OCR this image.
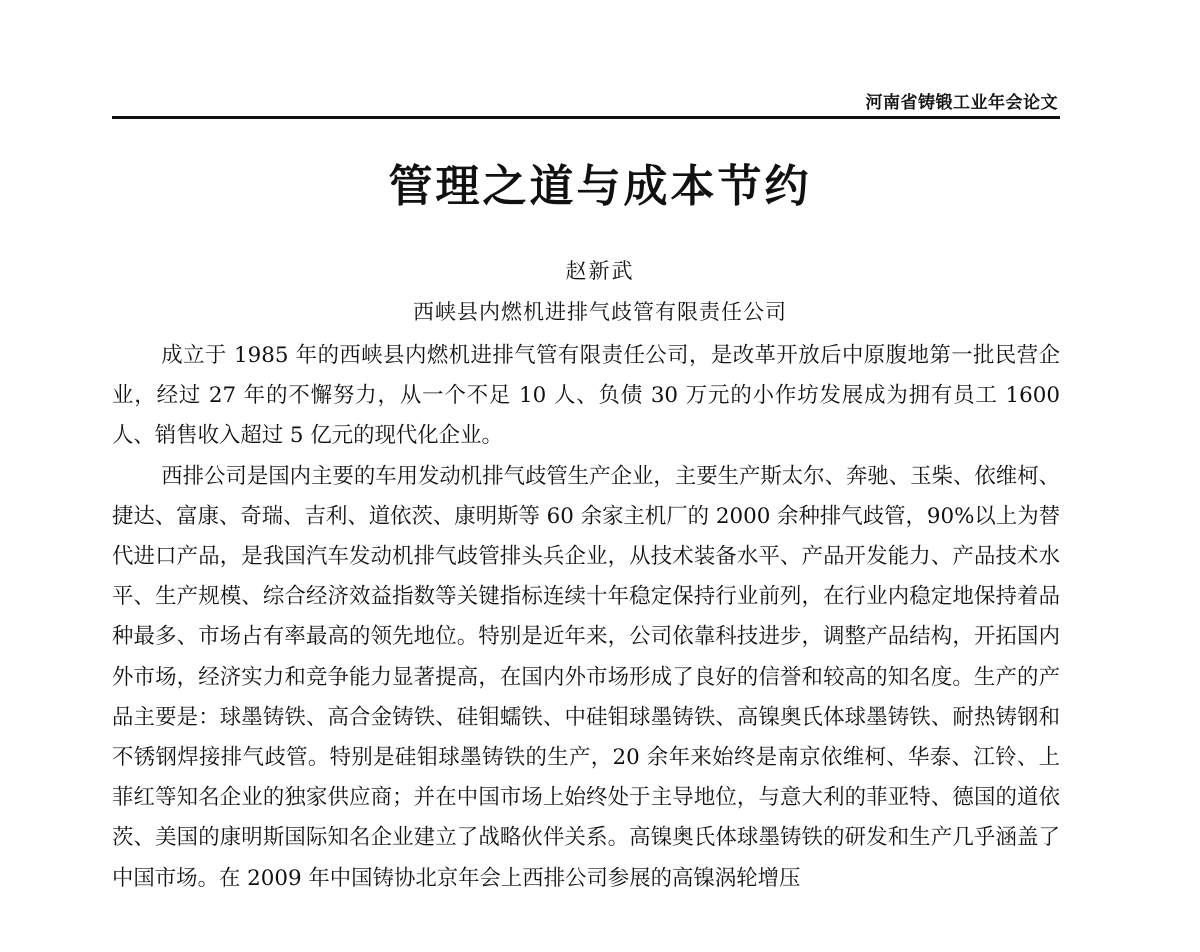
河南省铸锻工业年会论文
管理之道与成本节约
赵新武
西峡县内燃机进排气歧管有限责任公司

成立于 1985 年的西峡县内燃机进排气管有限责任公司，是改革开放后中原腹地第一批民营企业，经过 27 年的不懈努力，从一个不足 10 人、负债 30 万元的小作坊发展成为拥有员工 1600 人、销售收入超过 5 亿元的现代化企业。

西排公司是国内主要的车用发动机排气歧管生产企业，主要生产斯太尔、奔驰、玉柴、依维柯、捷达、富康、奇瑞、吉利、道依茨、康明斯等 60 余家主机厂的 2000 余种排气歧管，90%以上为替代进口产品，是我国汽车发动机排气歧管排头兵企业，从技术装备水平、产品开发能力、产品技术水平、生产规模、综合经济效益指数等关键指标连续十年稳定保持行业前列，在行业内稳定地保持着品种最多、市场占有率最高的领先地位。特别是近年来，公司依靠科技进步，调整产品结构，开拓国内外市场，经济实力和竞争能力显著提高，在国内外市场形成了良好的信誉和较高的知名度。生产的产品主要是：球墨铸铁、高合金铸铁、硅钼蠕铁、中硅钼球墨铸铁、高镍奥氏体球墨铸铁、耐热铸钢和不锈钢焊接排气歧管。特别是硅钼球墨铸铁的生产，20 余年来始终是南京依维柯、华泰、江铃、上菲红等知名企业的独家供应商；并在中国市场上始终处于主导地位，与意大利的菲亚特、德国的道依茨、美国的康明斯国际知名企业建立了战略伙伴关系。高镍奥氏体球墨铸铁的研发和生产几乎涵盖了中国市场。在 2009 年中国铸协北京年会上西排公司参展的高镍涡轮增压
